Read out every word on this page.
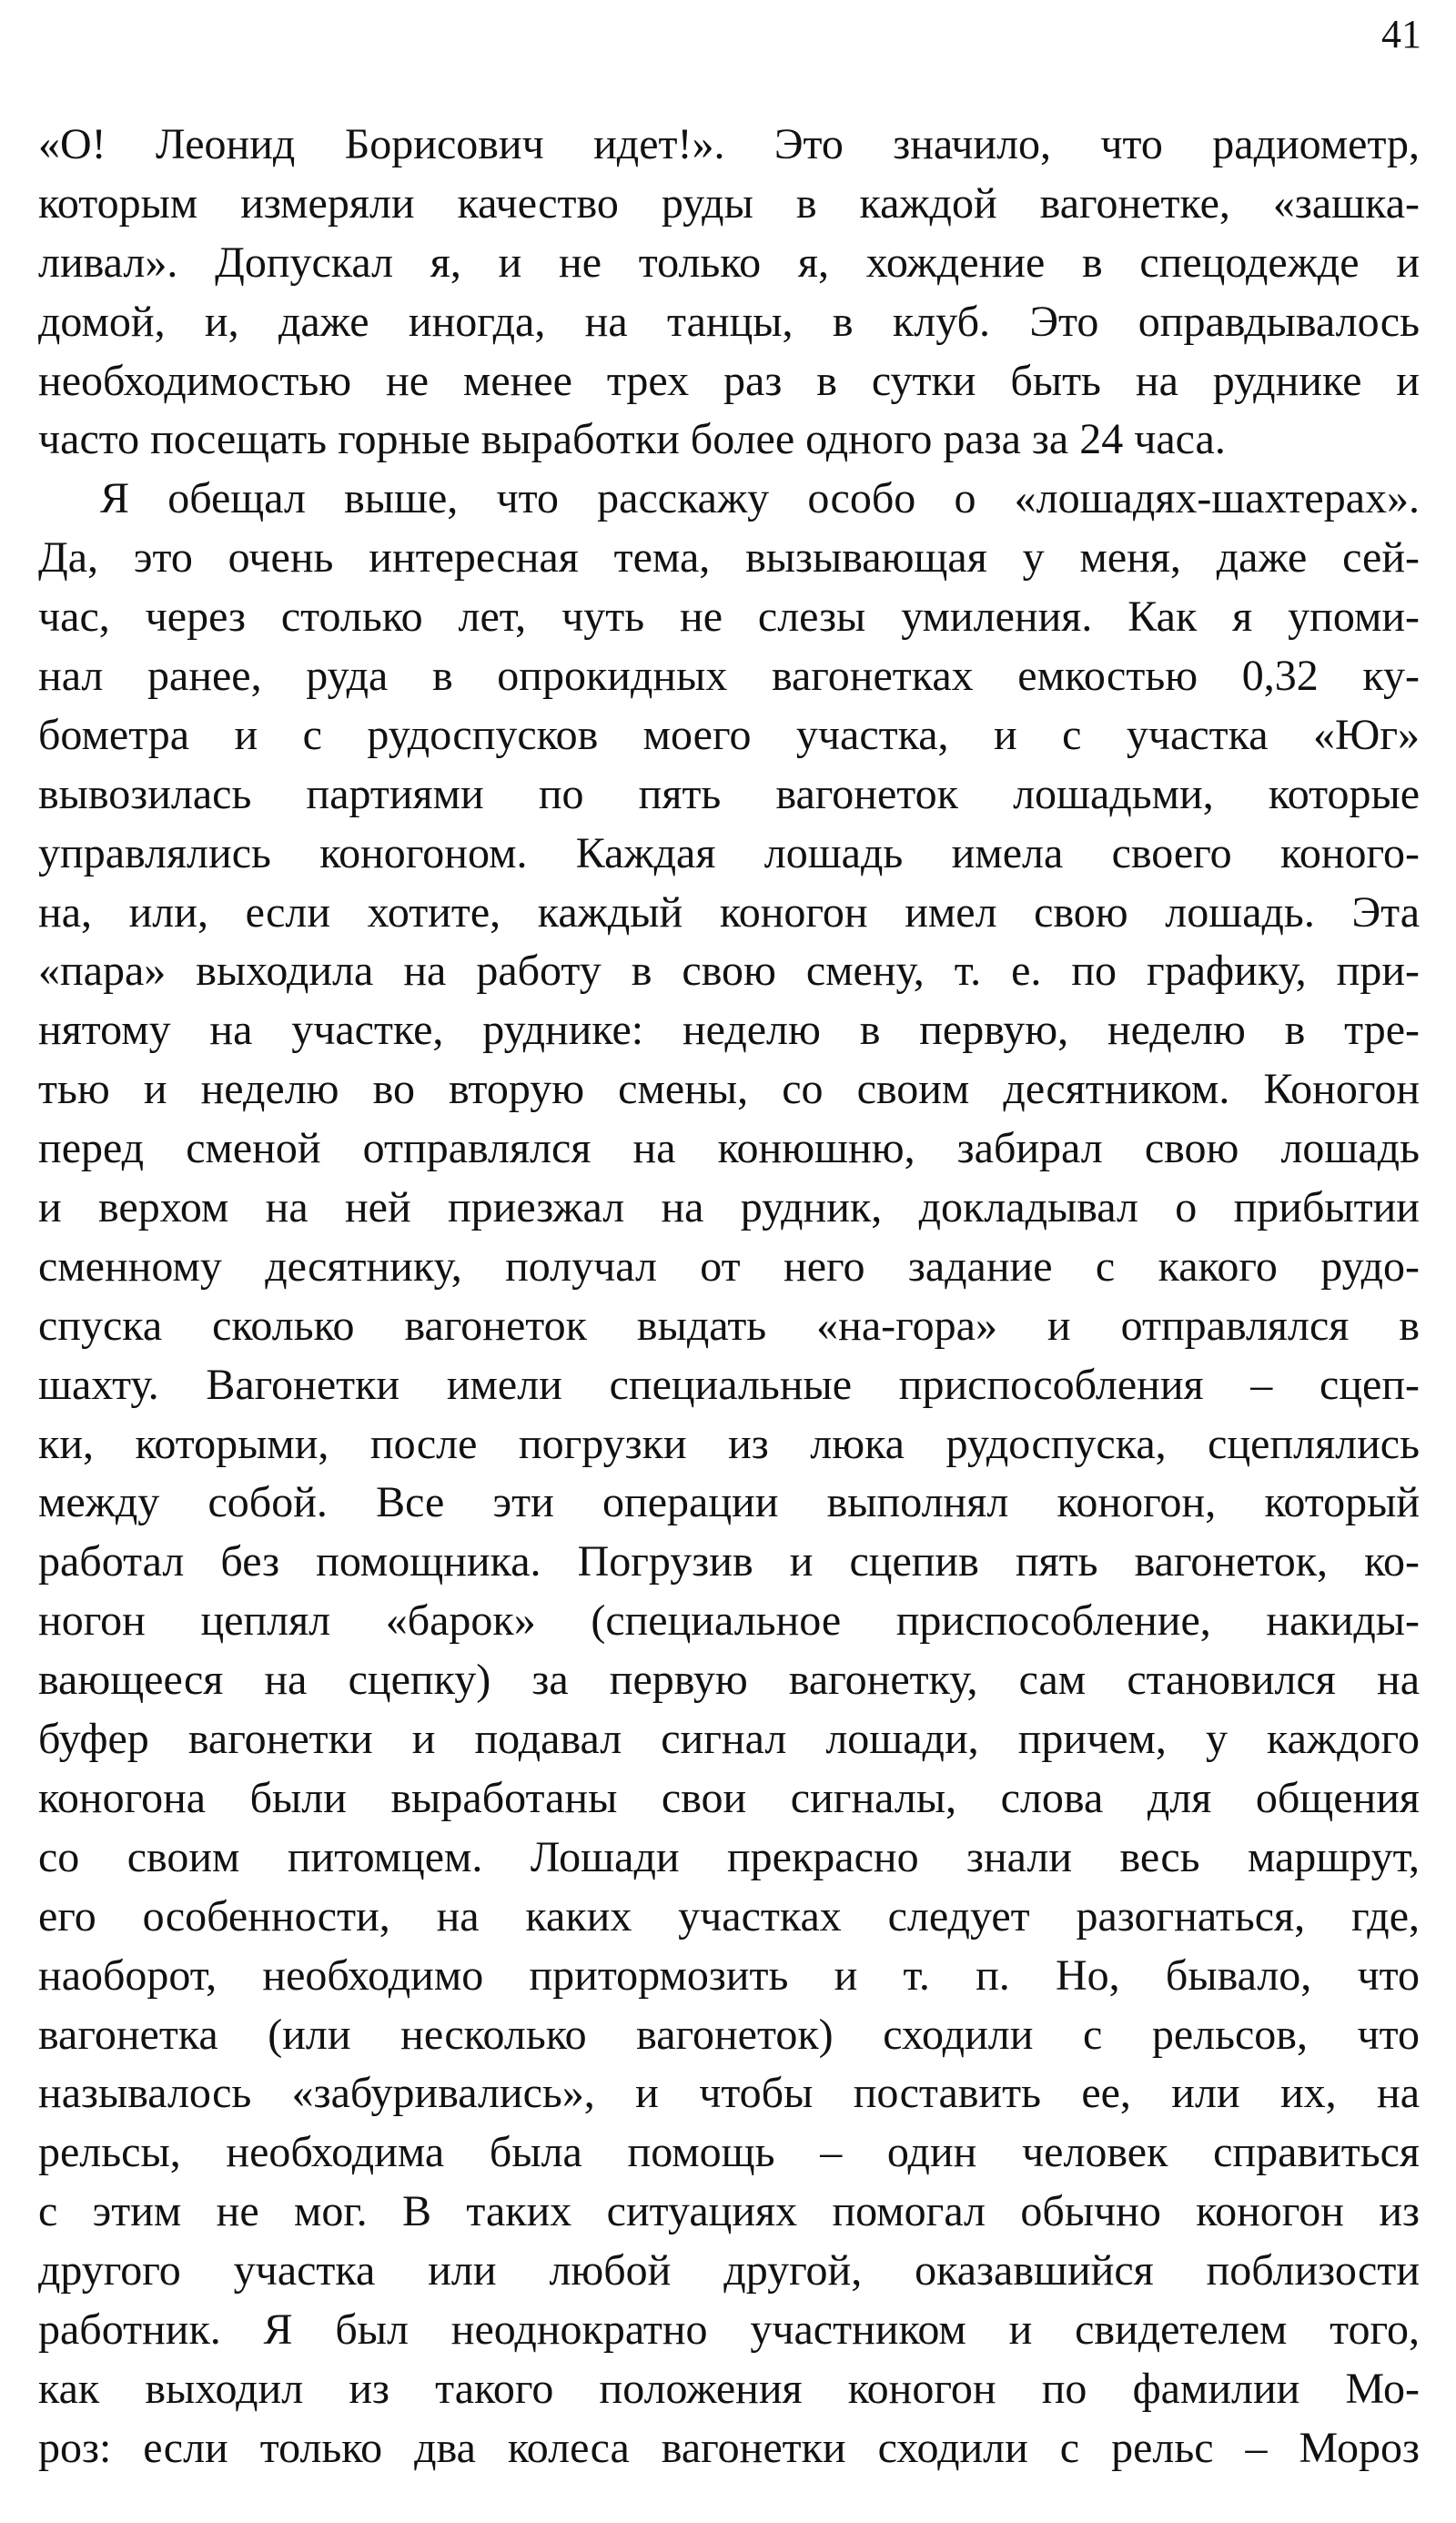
41
«О! Леонид Борисович идет!». Это значило, что радиометр,
которым измеряли качество руды в каждой вагонетке, «зашка-
ливал». Допускал я, и не только я, хождение в спецодежде и
домой, и, даже иногда, на танцы, в клуб. Это оправдывалось
необходимостью не менее трех раз в сутки быть на руднике и
часто посещать горные выработки более одного раза за 24 часа.
Я обещал выше, что расскажу особо о «лошадях-шахтерах».
Да, это очень интересная тема, вызывающая у меня, даже сей-
час, через столько лет, чуть не слезы умиления. Как я упоми-
нал ранее, руда в опрокидных вагонетках емкостью 0,32 ку-
бометра и с рудоспусков моего участка, и с участка «Юг»
вывозилась партиями по пять вагонеток лошадьми, которые
управлялись коногоном. Каждая лошадь имела своего коного-
на, или, если хотите, каждый коногон имел свою лошадь. Эта
«пара» выходила на работу в свою смену, т. е. по графику, при-
нятому на участке, руднике: неделю в первую, неделю в тре-
тью и неделю во вторую смены, со своим десятником. Коногон
перед сменой отправлялся на конюшню, забирал свою лошадь
и верхом на ней приезжал на рудник, докладывал о прибытии
сменному десятнику, получал от него задание с какого рудо-
спуска сколько вагонеток выдать «на-гора» и отправлялся в
шахту. Вагонетки имели специальные приспособления – сцеп-
ки, которыми, после погрузки из люка рудоспуска, сцеплялись
между собой. Все эти операции выполнял коногон, который
работал без помощника. Погрузив и сцепив пять вагонеток, ко-
ногон цеплял «барок» (специальное приспособление, накиды-
вающееся на сцепку) за первую вагонетку, сам становился на
буфер вагонетки и подавал сигнал лошади, причем, у каждого
коногона были выработаны свои сигналы, слова для общения
со своим питомцем. Лошади прекрасно знали весь маршрут,
его особенности, на каких участках следует разогнаться, где,
наоборот, необходимо притормозить и т. п. Но, бывало, что
вагонетка (или несколько вагонеток) сходили с рельсов, что
называлось «забуривались», и чтобы поставить ее, или их, на
рельсы, необходима была помощь – один человек справиться
с этим не мог. В таких ситуациях помогал обычно коногон из
другого участка или любой другой, оказавшийся поблизости
работник. Я был неоднократно участником и свидетелем того,
как выходил из такого положения коногон по фамилии Мо-
роз: если только два колеса вагонетки сходили с рельс – Мороз
